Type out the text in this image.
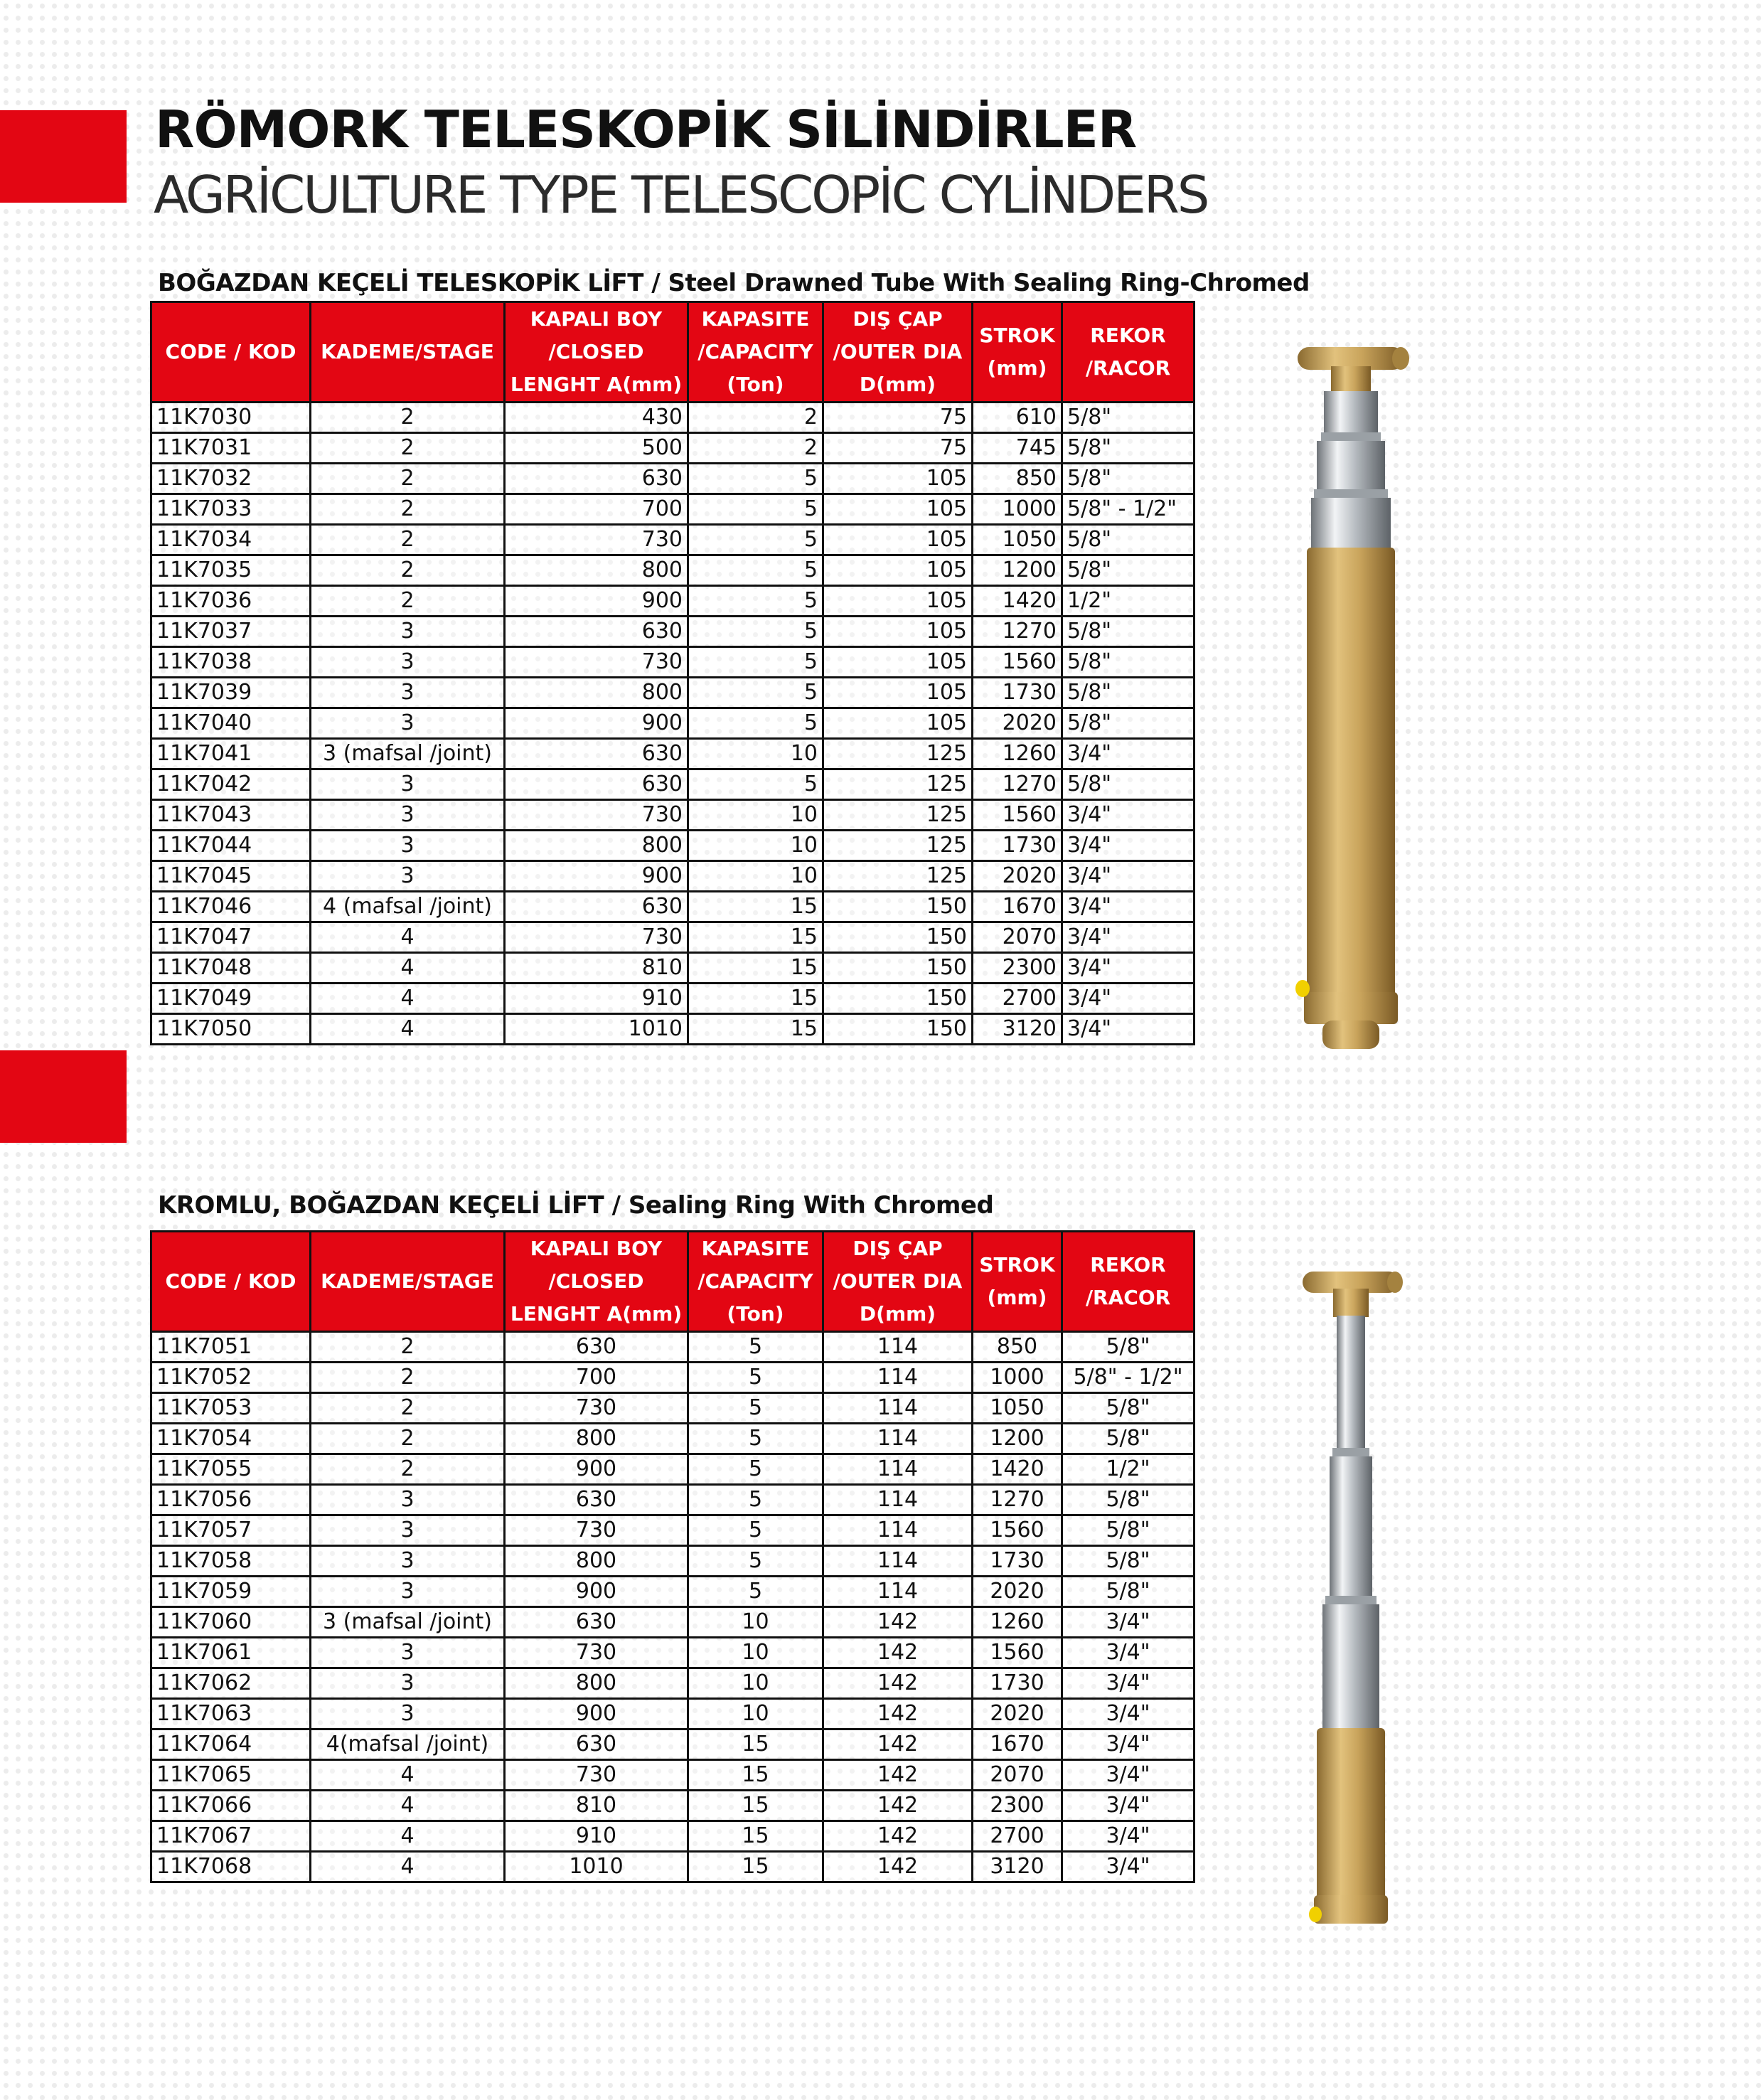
RÖMORK TELESKOPİK SİLİNDİRLER
AGRİCULTURE TYPE TELESCOPİC CYLİNDERS
BOĞAZDAN KEÇELİ TELESKOPİK LİFT / Steel Drawned Tube With Sealing Ring-Chromed
CODE / KOD	KADEME/STAGE	KAPALI BOY /CLOSED LENGHT A(mm)	KAPASITE /CAPACITY (Ton)	DIŞ ÇAP /OUTER DIA D(mm)	STROK (mm)	REKOR /RACOR
11K7030	2	430	2	75	610	5/8"
11K7031	2	500	2	75	745	5/8"
11K7032	2	630	5	105	850	5/8"
11K7033	2	700	5	105	1000	5/8" - 1/2"
11K7034	2	730	5	105	1050	5/8"
11K7035	2	800	5	105	1200	5/8"
11K7036	2	900	5	105	1420	1/2"
11K7037	3	630	5	105	1270	5/8"
11K7038	3	730	5	105	1560	5/8"
11K7039	3	800	5	105	1730	5/8"
11K7040	3	900	5	105	2020	5/8"
11K7041	3 (mafsal /joint)	630	10	125	1260	3/4"
11K7042	3	630	5	125	1270	5/8"
11K7043	3	730	10	125	1560	3/4"
11K7044	3	800	10	125	1730	3/4"
11K7045	3	900	10	125	2020	3/4"
11K7046	4 (mafsal /joint)	630	15	150	1670	3/4"
11K7047	4	730	15	150	2070	3/4"
11K7048	4	810	15	150	2300	3/4"
11K7049	4	910	15	150	2700	3/4"
11K7050	4	1010	15	150	3120	3/4"
KROMLU, BOĞAZDAN KEÇELİ LİFT / Sealing Ring With Chromed
CODE / KOD	KADEME/STAGE	KAPALI BOY /CLOSED LENGHT A(mm)	KAPASITE /CAPACITY (Ton)	DIŞ ÇAP /OUTER DIA D(mm)	STROK (mm)	REKOR /RACOR
11K7051	2	630	5	114	850	5/8"
11K7052	2	700	5	114	1000	5/8" - 1/2"
11K7053	2	730	5	114	1050	5/8"
11K7054	2	800	5	114	1200	5/8"
11K7055	2	900	5	114	1420	1/2"
11K7056	3	630	5	114	1270	5/8"
11K7057	3	730	5	114	1560	5/8"
11K7058	3	800	5	114	1730	5/8"
11K7059	3	900	5	114	2020	5/8"
11K7060	3 (mafsal /joint)	630	10	142	1260	3/4"
11K7061	3	730	10	142	1560	3/4"
11K7062	3	800	10	142	1730	3/4"
11K7063	3	900	10	142	2020	3/4"
11K7064	4(mafsal /joint)	630	15	142	1670	3/4"
11K7065	4	730	15	142	2070	3/4"
11K7066	4	810	15	142	2300	3/4"
11K7067	4	910	15	142	2700	3/4"
11K7068	4	1010	15	142	3120	3/4"
